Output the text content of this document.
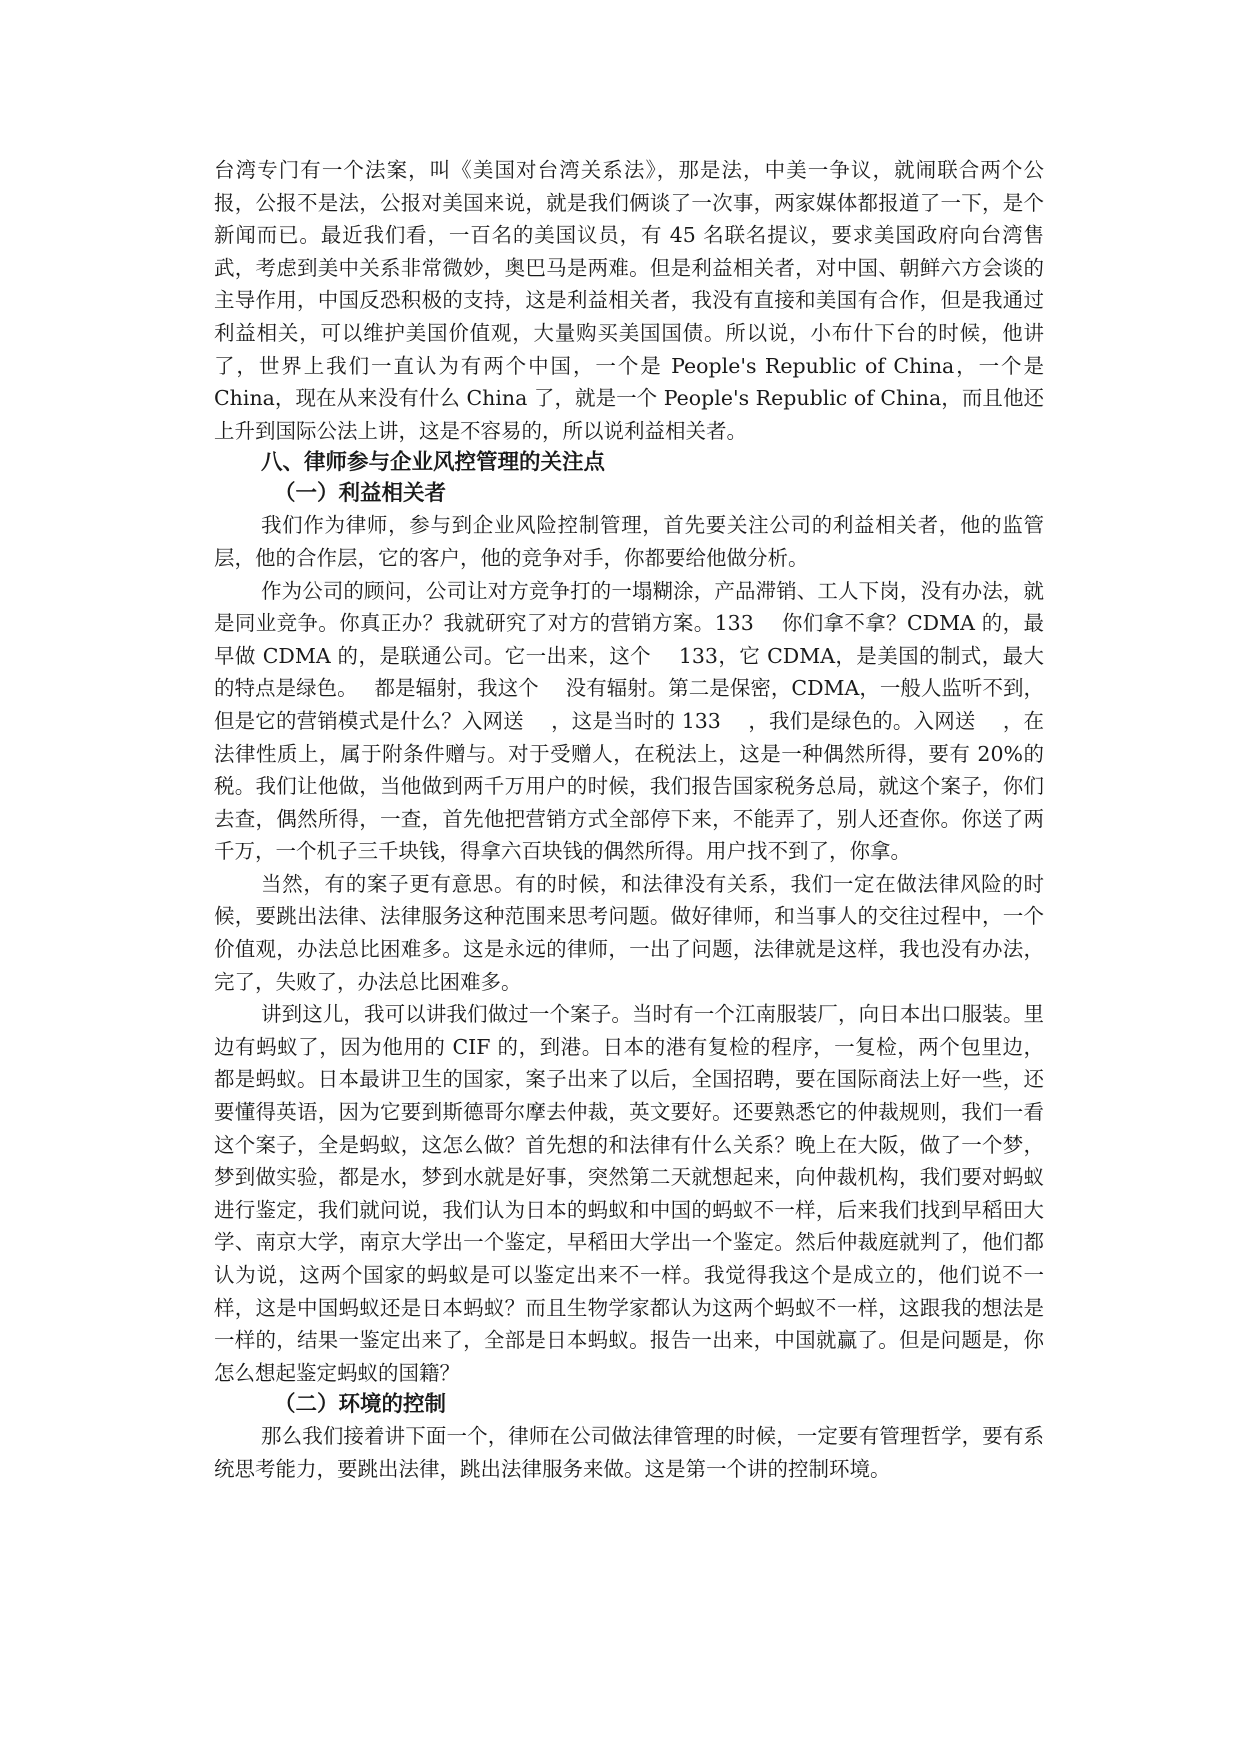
台湾专门有一个法案，叫《美国对台湾关系法》，那是法，中美一争议，就闹联合两个公报，公报不是法，公报对美国来说，就是我们俩谈了一次事，两家媒体都报道了一下，是个新闻而已。最近我们看，一百名的美国议员，有 45 名联名提议，要求美国政府向台湾售武，考虑到美中关系非常微妙，奥巴马是两难。但是利益相关者，对中国、朝鲜六方会谈的主导作用，中国反恐积极的支持，这是利益相关者，我没有直接和美国有合作，但是我通过利益相关，可以维护美国价值观，大量购买美国国债。所以说，小布什下台的时候，他讲了，世界上我们一直认为有两个中国，一个是 People's Republic of China，一个是 China，现在从来没有什么 China 了，就是一个 People's Republic of China，而且他还上升到国际公法上讲，这是不容易的，所以说利益相关者。

八、律师参与企业风控管理的关注点
（一）利益相关者

我们作为律师，参与到企业风险控制管理，首先要关注公司的利益相关者，他的监管层，他的合作层，它的客户，他的竞争对手，你都要给他做分析。

作为公司的顾问，公司让对方竞争打的一塌糊涂，产品滞销、工人下岗，没有办法，就是同业竞争。你真正办？我就研究了对方的营销方案。133　 你们拿不拿？CDMA 的，最早做 CDMA 的，是联通公司。它一出来，这个　 133，它 CDMA，是美国的制式，最大的特点是绿色。　 都是辐射，我这个　 没有辐射。第二是保密，CDMA，一般人监听不到，但是它的营销模式是什么？入网送　 ，这是当时的 133　 ，我们是绿色的。入网送　 ，在法律性质上，属于附条件赠与。对于受赠人，在税法上，这是一种偶然所得，要有 20%的税。我们让他做，当他做到两千万用户的时候，我们报告国家税务总局，就这个案子，你们去查，偶然所得，一查，首先他把营销方式全部停下来，不能弄了，别人还查你。你送了两千万，一个机子三千块钱，得拿六百块钱的偶然所得。用户找不到了，你拿。

当然，有的案子更有意思。有的时候，和法律没有关系，我们一定在做法律风险的时候，要跳出法律、法律服务这种范围来思考问题。做好律师，和当事人的交往过程中，一个价值观，办法总比困难多。这是永远的律师，一出了问题，法律就是这样，我也没有办法，完了，失败了，办法总比困难多。

讲到这儿，我可以讲我们做过一个案子。当时有一个江南服装厂，向日本出口服装。里边有蚂蚁了，因为他用的 CIF 的，到港。日本的港有复检的程序，一复检，两个包里边，都是蚂蚁。日本最讲卫生的国家，案子出来了以后，全国招聘，要在国际商法上好一些，还要懂得英语，因为它要到斯德哥尔摩去仲裁，英文要好。还要熟悉它的仲裁规则，我们一看这个案子，全是蚂蚁，这怎么做？首先想的和法律有什么关系？晚上在大阪，做了一个梦，梦到做实验，都是水，梦到水就是好事，突然第二天就想起来，向仲裁机构，我们要对蚂蚁进行鉴定，我们就问说，我们认为日本的蚂蚁和中国的蚂蚁不一样，后来我们找到早稻田大学、南京大学，南京大学出一个鉴定，早稻田大学出一个鉴定。然后仲裁庭就判了，他们都认为说，这两个国家的蚂蚁是可以鉴定出来不一样。我觉得我这个是成立的，他们说不一样，这是中国蚂蚁还是日本蚂蚁？而且生物学家都认为这两个蚂蚁不一样，这跟我的想法是一样的，结果一鉴定出来了，全部是日本蚂蚁。报告一出来，中国就赢了。但是问题是，你怎么想起鉴定蚂蚁的国籍？

（二）环境的控制

那么我们接着讲下面一个，律师在公司做法律管理的时候，一定要有管理哲学，要有系统思考能力，要跳出法律，跳出法律服务来做。这是第一个讲的控制环境。
